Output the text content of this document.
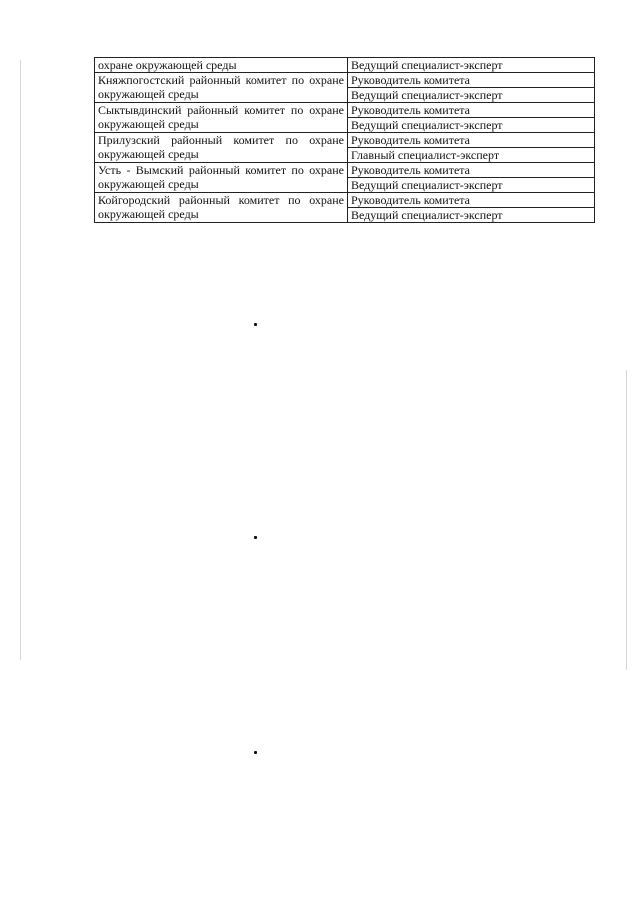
охране окружающей среды	Ведущий специалист-эксперт
Княжпогостский районный комитет по охране окружающей среды	Руководитель комитета
	Ведущий специалист-эксперт
Сыктывдинский районный комитет по охране окружающей среды	Руководитель комитета
	Ведущий специалист-эксперт
Прилузский районный комитет по охране окружающей среды	Руководитель комитета
	Главный специалист-эксперт
Усть - Вымский районный комитет по охране окружающей среды	Руководитель комитета
	Ведущий специалист-эксперт
Койгородский районный комитет по охране окружающей среды	Руководитель комитета
	Ведущий специалист-эксперт
